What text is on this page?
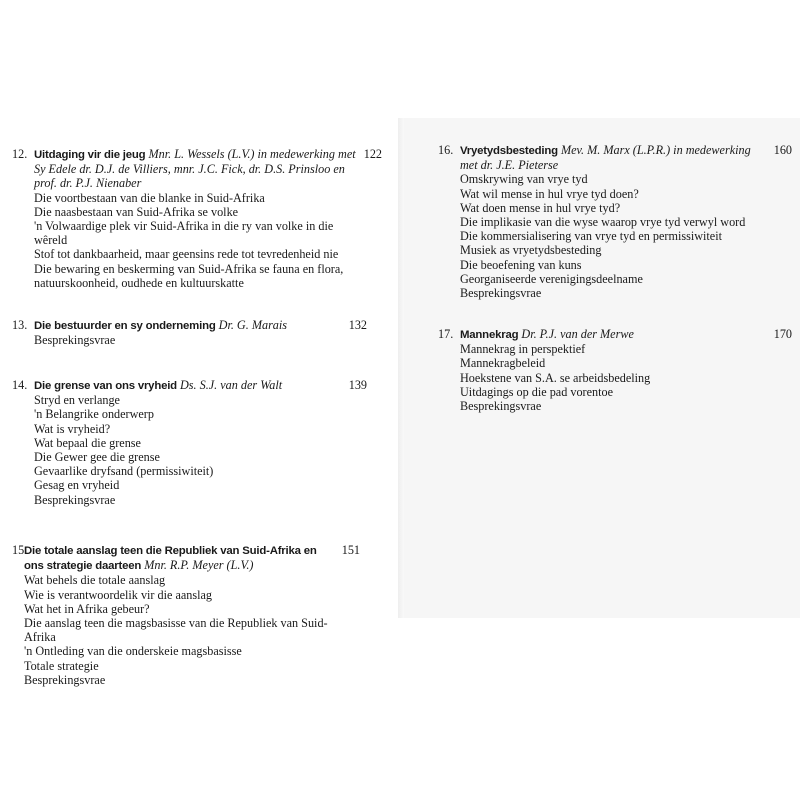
12. Uitdaging vir die jeug Mnr. L. Wessels (L.V.) in medewerking met Sy Edele dr. D.J. de Villiers, mnr. J.C. Fick, dr. D.S. Prinsloo en prof. dr. P.J. Nienaber
Die voortbestaan van die blanke in Suid-Afrika
Die naasbestaan van Suid-Afrika se volke
'n Volwaardige plek vir Suid-Afrika in die ry van volke in die wêreld
Stof tot dankbaarheid, maar geensins rede tot tevredenheid nie
Die bewaring en beskerming van Suid-Afrika se fauna en flora, natuurskoonheid, oudhede en kultuurskatte
122
13. Die bestuurder en sy onderneming Dr. G. Marais
Besprekingsvrae
132
14. Die grense van ons vryheid Ds. S.J. van der Walt
Stryd en verlange
'n Belangrike onderwerp
Wat is vryheid?
Wat bepaal die grense
Die Gewer gee die grense
Gevaarlike dryfsand (permissiwiteit)
Gesag en vryheid
Besprekingsvrae
139
15.
Die totale aanslag teen die Republiek van Suid-Afrika en ons strategie daarteen Mnr. R.P. Meyer (L.V.)
Wat behels die totale aanslag
Wie is verantwoordelik vir die aanslag
Wat het in Afrika gebeur?
Die aanslag teen die magsbasisse van die Republiek van Suid-Afrika
'n Ontleding van die onderskeie magsbasisse
Totale strategie
Besprekingsvrae
151
16. Vryetydsbesteding Mev. M. Marx (L.P.R.) in medewerking met dr. J.E. Pieterse
Omskrywing van vrye tyd
Wat wil mense in hul vrye tyd doen?
Wat doen mense in hul vrye tyd?
Die implikasie van die wyse waarop vrye tyd verwyl word
Die kommersialisering van vrye tyd en permissiwiteit
Musiek as vryetydsbesteding
Die beoefening van kuns
Georganiseerde verenigingsdeelname
Besprekingsvrae
160
17. Mannekrag Dr. P.J. van der Merwe
Mannekrag in perspektief
Mannekragbeleid
Hoekstene van S.A. se arbeidsbedeling
Uitdagings op die pad vorentoe
Besprekingsvrae
170
